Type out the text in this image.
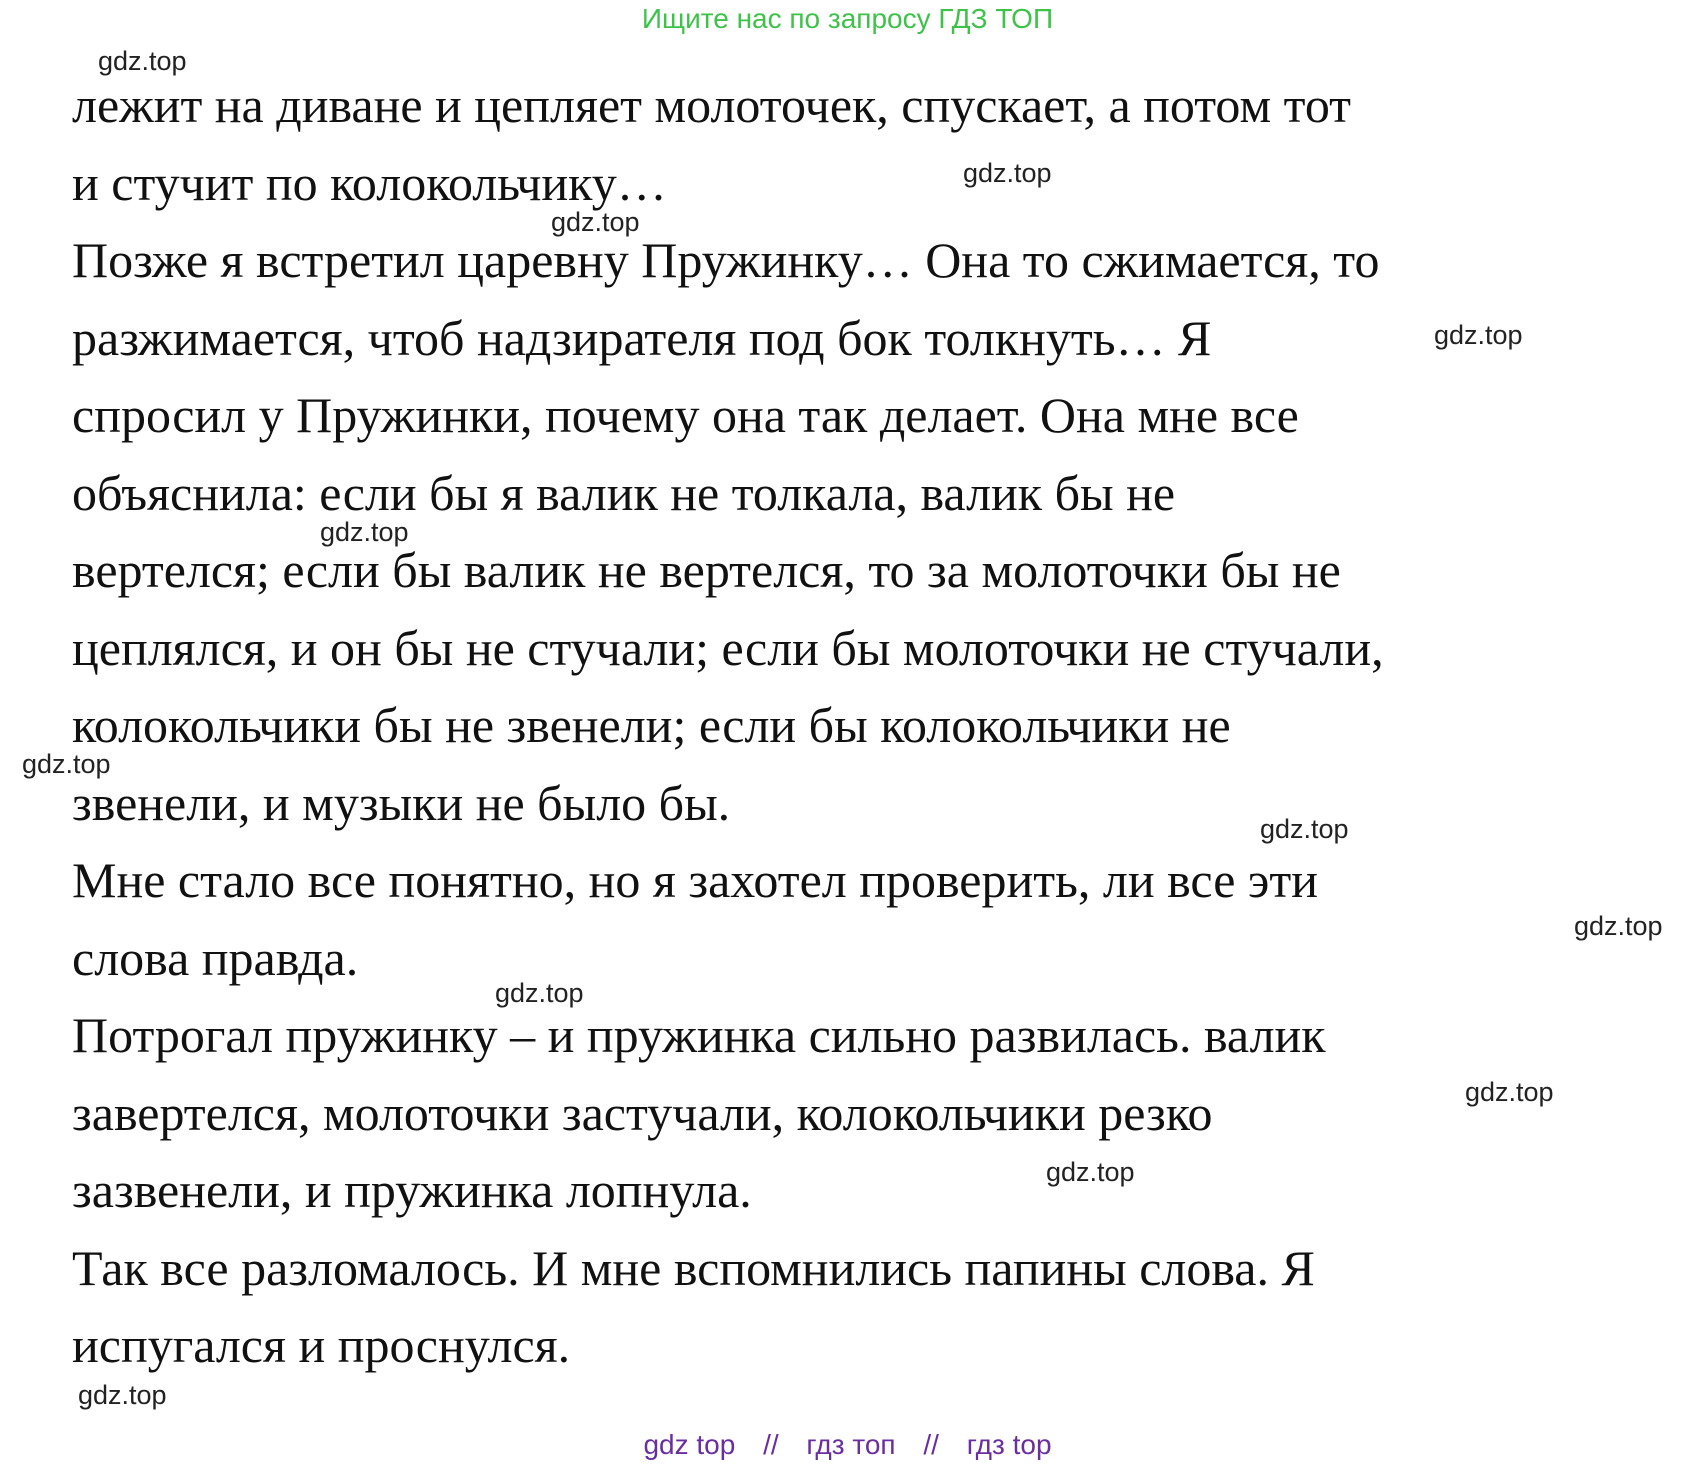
Ищите нас по запросу ГДЗ ТОП
лежит на диване и цепляет молоточек, спускает, а потом тот
и стучит по колокольчику…
Позже я встретил царевну Пружинку… Она то сжимается, то
разжимается, чтоб надзирателя под бок толкнуть… Я
спросил у Пружинки, почему она так делает. Она мне все
объяснила: если бы я валик не толкала, валик бы не
вертелся; если бы валик не вертелся, то за молоточки бы не
цеплялся, и он бы не стучали; если бы молоточки не стучали,
колокольчики бы не звенели; если бы колокольчики не
звенели, и музыки не было бы.
Мне стало все понятно, но я захотел проверить, ли все эти
слова правда.
Потрогал пружинку – и пружинка сильно развилась. валик
завертелся, молоточки застучали, колокольчики резко
зазвенели, и пружинка лопнула.
Так все разломалось. И мне вспомнились папины слова. Я
испугался и проснулся.
gdz.top
gdz.top
gdz.top
gdz.top
gdz.top
gdz.top
gdz.top
gdz.top
gdz.top
gdz.top
gdz.top
gdz.top
gdz top // гдз топ // гдз top
